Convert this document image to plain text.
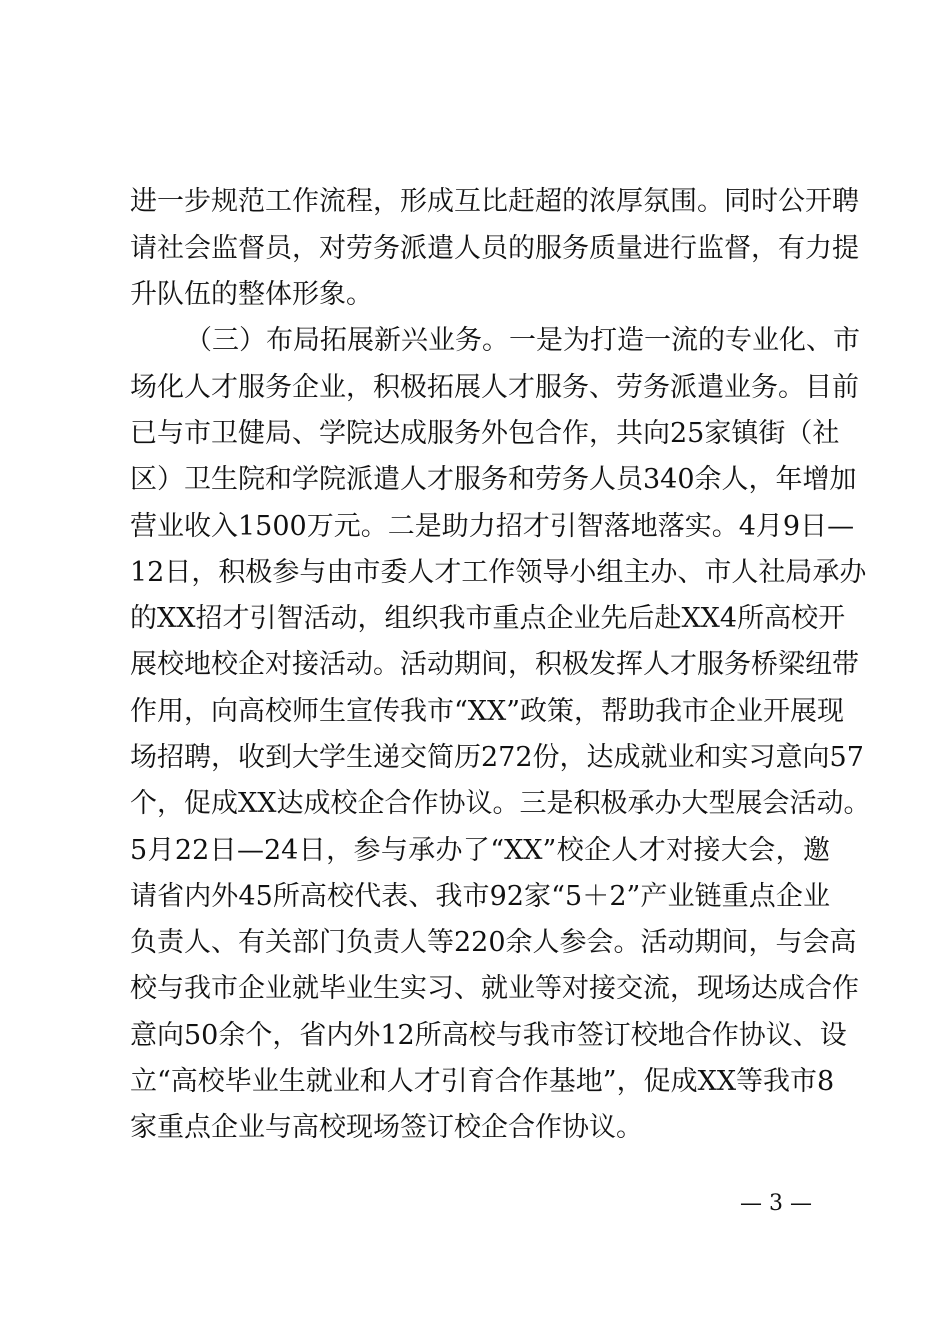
进一步规范工作流程，形成互比赶超的浓厚氛围。同时公开聘
请社会监督员，对劳务派遣人员的服务质量进行监督，有力提
升队伍的整体形象。
（三）布局拓展新兴业务。一是为打造一流的专业化、市
场化人才服务企业，积极拓展人才服务、劳务派遣业务。目前
已与市卫健局、学院达成服务外包合作，共向25家镇街（社
区）卫生院和学院派遣人才服务和劳务人员340余人，年增加
营业收入1500万元。二是助力招才引智落地落实。4月9日—
12日，积极参与由市委人才工作领导小组主办、市人社局承办
的XX招才引智活动，组织我市重点企业先后赴XX4所高校开
展校地校企对接活动。活动期间，积极发挥人才服务桥梁纽带
作用，向高校师生宣传我市“XX”政策，帮助我市企业开展现
场招聘，收到大学生递交简历272份，达成就业和实习意向57
个，促成XX达成校企合作协议。三是积极承办大型展会活动。
5月22日—24日，参与承办了“XX”校企人才对接大会，邀
请省内外45所高校代表、我市92家“5＋2”产业链重点企业
负责人、有关部门负责人等220余人参会。活动期间，与会高
校与我市企业就毕业生实习、就业等对接交流，现场达成合作
意向50余个，省内外12所高校与我市签订校地合作协议、设
立“高校毕业生就业和人才引育合作基地”，促成XX等我市8
家重点企业与高校现场签订校企合作协议。
— 3 —
